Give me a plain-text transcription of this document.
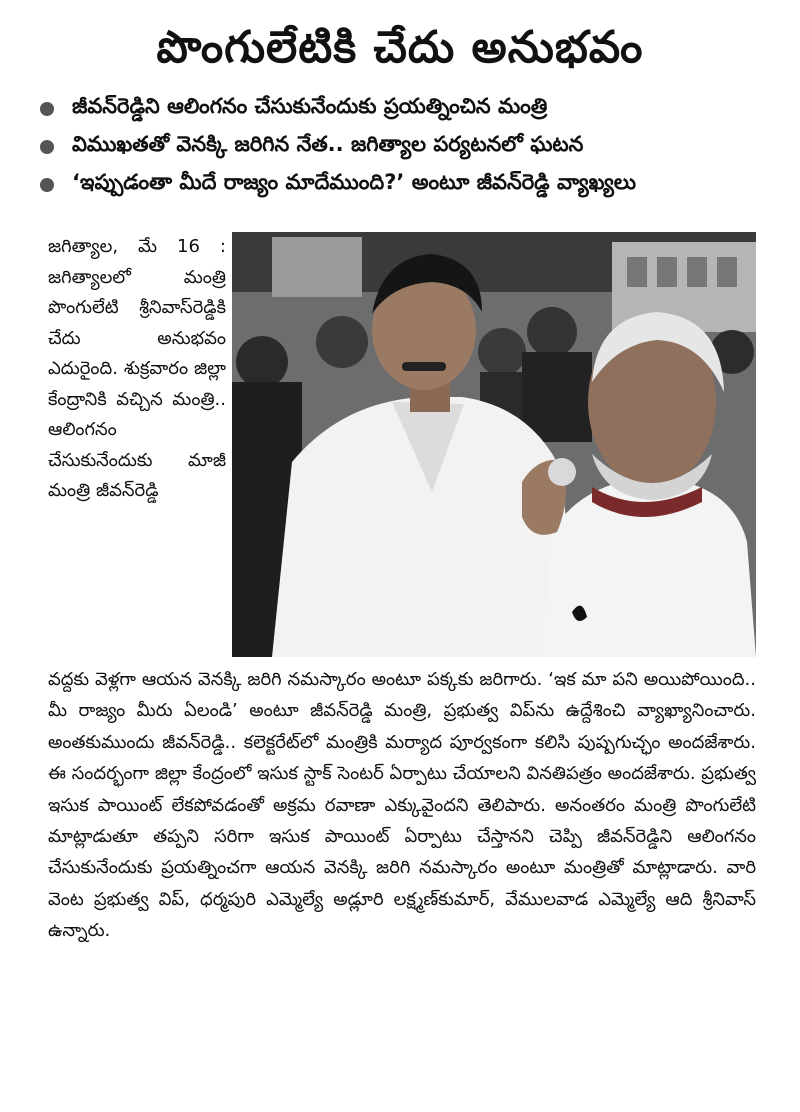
పొంగులేటికి చేదు అనుభవం
జీవన్‌రెడ్డిని ఆలింగనం చేసుకునేందుకు ప్రయత్నించిన మంత్రి
విముఖతతో వెనక్కి జరిగిన నేత.. జగిత్యాల పర్యటనలో ఘటన
‘ఇప్పుడంతా మీదే రాజ్యం మాదేముంది?’ అంటూ జీవన్‌రెడ్డి వ్యాఖ్యలు
జగిత్యాల, మే 16 : జగిత్యాలలో మంత్రి పొంగులేటి శ్రీనివాస్‌రెడ్డికి చేదు అనుభవం ఎదురైంది. శుక్రవారం జిల్లా కేంద్రానికి వచ్చిన మంత్రి.. ఆలింగనం చేసుకునేందుకు మాజీ మంత్రి జీవన్‌రెడ్డి
వద్దకు వెళ్లగా ఆయన వెనక్కి జరిగి నమస్కారం అంటూ పక్కకు జరిగారు. ‘ఇక మా పని అయిపోయింది.. మీ రాజ్యం మీరు ఏలండి’ అంటూ జీవన్‌రెడ్డి మంత్రి, ప్రభుత్వ విప్‌ను ఉద్దేశించి వ్యాఖ్యానించారు. అంతకుముందు జీవన్‌రెడ్డి.. కలెక్టరేట్‌లో మంత్రికి మర్యాద పూర్వకంగా కలిసి పుష్పగుచ్ఛం అందజేశారు. ఈ సందర్భంగా జిల్లా కేంద్రంలో ఇసుక స్టాక్ సెంటర్ ఏర్పాటు చేయాలని వినతిపత్రం అందజేశారు. ప్రభుత్వ ఇసుక పాయింట్ లేకపోవడంతో అక్రమ రవాణా ఎక్కువైందని తెలిపారు. అనంతరం మంత్రి పొంగులేటి మాట్లాడుతూ తప్పని సరిగా ఇసుక పాయింట్ ఏర్పాటు చేస్తానని చెప్పి జీవన్‌రెడ్డిని ఆలింగనం చేసుకునేందుకు ప్రయత్నించగా ఆయన వెనక్కి జరిగి నమస్కారం అంటూ మంత్రితో మాట్లాడారు. వారి వెంట ప్రభుత్వ విప్, ధర్మపురి ఎమ్మెల్యే అడ్లూరి లక్ష్మణ్‌కుమార్, వేములవాడ ఎమ్మెల్యే ఆది శ్రీనివాస్ ఉన్నారు.
